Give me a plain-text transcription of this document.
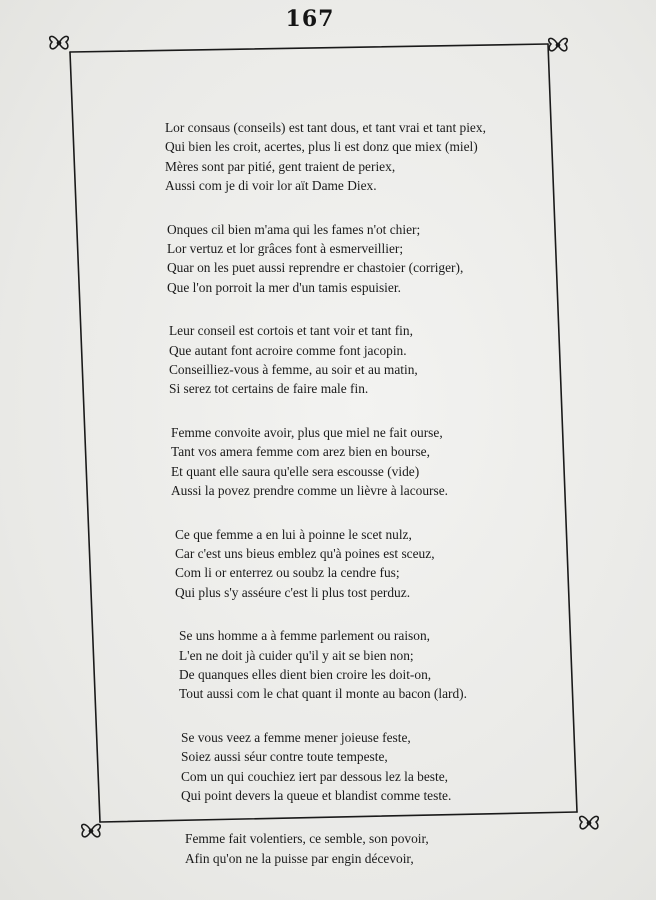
167
Lor consaus (conseils) est tant dous, et tant vrai et tant piex,
Qui bien les croit, acertes, plus li est donz que miex (miel)
Mères sont par pitié, gent traient de periex,
Aussi com je di voir lor aït Dame Diex.
Onques cil bien m'ama qui les fames n'ot chier;
Lor vertuz et lor grâces font à esmerveillier;
Quar on les puet aussi reprendre er chastoier (corriger),
Que l'on porroit la mer d'un tamis espuisier.
Leur conseil est cortois et tant voir et tant fin,
Que autant font acroire comme font jacopin.
Conseilliez-vous à femme, au soir et au matin,
Si serez tot certains de faire male fin.
Femme convoite avoir, plus que miel ne fait ourse,
Tant vos amera femme com arez bien en bourse,
Et quant elle saura qu'elle sera escousse (vide)
Aussi la povez prendre comme un lièvre à lacourse.
Ce que femme a en lui à poinne le scet nulz,
Car c'est uns bieus emblez qu'à poines est sceuz,
Com li or enterrez ou soubz la cendre fus;
Qui plus s'y asséure c'est li plus tost perduz.
Se uns homme a à femme parlement ou raison,
L'en ne doit jà cuider qu'il y ait se bien non;
De quanques elles dient bien croire les doit-on,
Tout aussi com le chat quant il monte au bacon (lard).
Se vous veez a femme mener joieuse feste,
Soiez aussi séur contre toute tempeste,
Com un qui couchiez iert par dessous lez la beste,
Qui point devers la queue et blandist comme teste.
Femme fait volentiers, ce semble, son povoir,
Afin qu'on ne la puisse par engin décevoir,
